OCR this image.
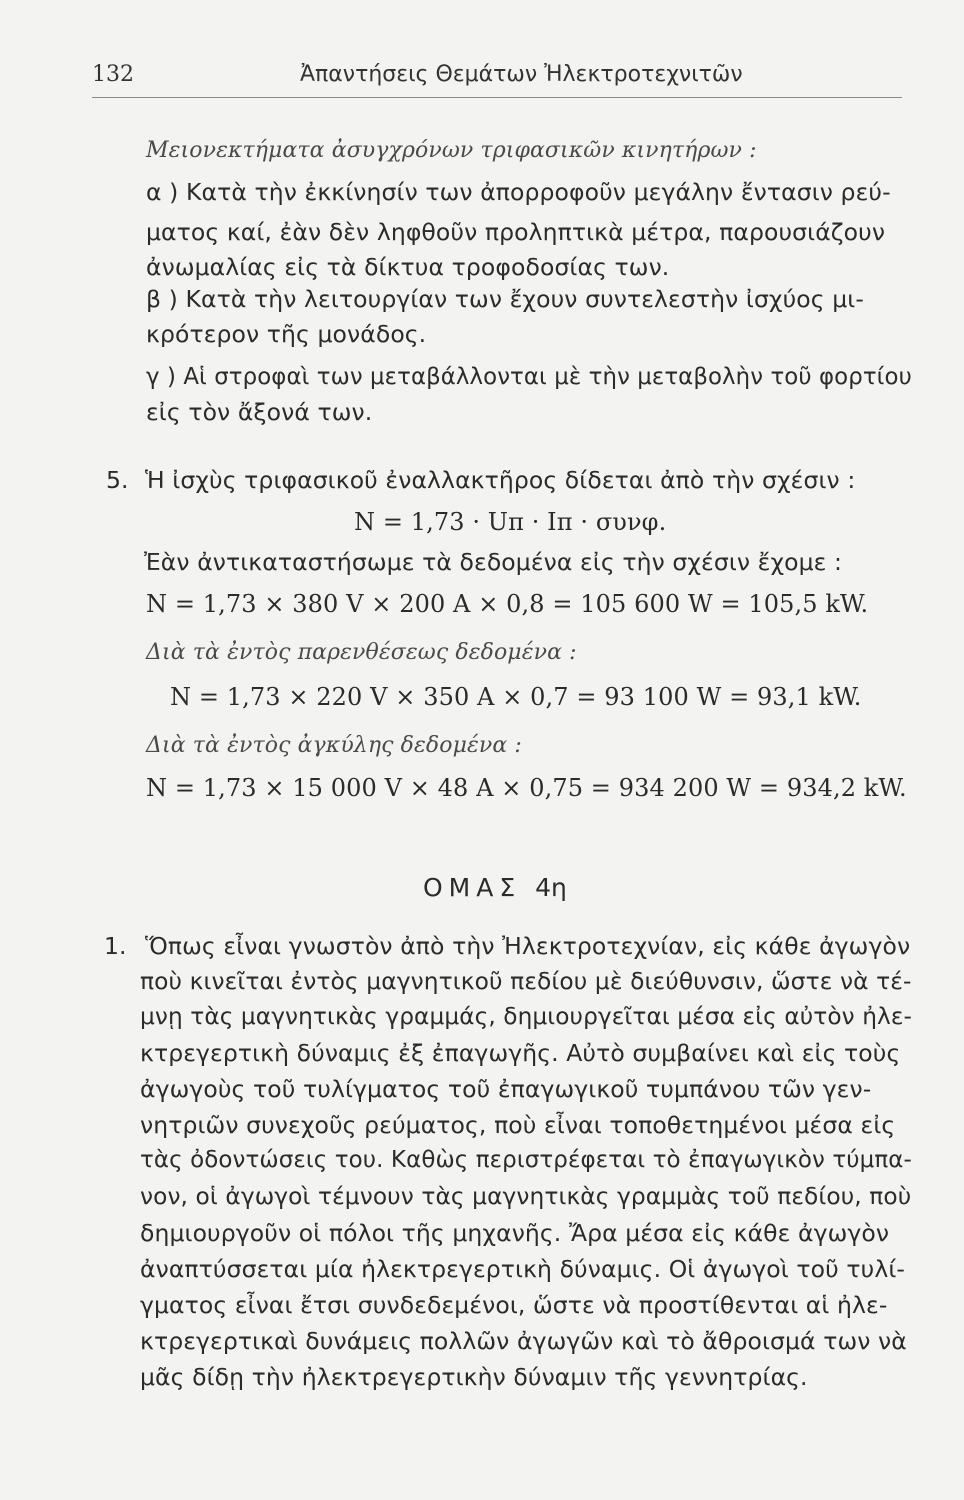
132	Ἀπαντήσεις Θεμάτων Ἠλεκτροτεχνιτῶν
Μειονεκτήματα ἀσυγχρόνων τριφασικῶν κινητήρων :
α ) Κατὰ τὴν ἐκκίνησίν των ἀπορροφοῦν μεγάλην ἔντασιν ρεύ-
ματος καί, ἐὰν δὲν ληφθοῦν προληπτικὰ μέτρα, παρουσιάζουν
ἀνωμαλίας εἰς τὰ δίκτυα τροφοδοσίας των.
β ) Κατὰ τὴν λειτουργίαν των ἔχουν συντελεστὴν ἰσχύος μι-
κρότερον τῆς μονάδος.
γ ) Αἱ στροφαὶ των μεταβάλλονται μὲ τὴν μεταβολὴν τοῦ φορτίου
εἰς τὸν ἄξονά των.
5. Ἡ ἰσχὺς τριφασικοῦ ἐναλλακτῆρος δίδεται ἀπὸ τὴν σχέσιν :
N = 1,73 · Uπ · Iπ · συνφ.
Ἐὰν ἀντικαταστήσωμε τὰ δεδομένα εἰς τὴν σχέσιν ἔχομε :
N = 1,73 × 380 V × 200 A × 0,8 = 105 600 W = 105,5 kW.
Διὰ τὰ ἐντὸς παρενθέσεως δεδομένα :
N = 1,73 × 220 V × 350 A × 0,7 = 93 100 W = 93,1 kW.
Διὰ τὰ ἐντὸς ἀγκύλης δεδομένα :
N = 1,73 × 15 000 V × 48 A × 0,75 = 934 200 W = 934,2 kW.
ΟΜΑΣ 4η
1. Ὅπως εἶναι γνωστὸν ἀπὸ τὴν Ἠλεκτροτεχνίαν, εἰς κάθε ἀγωγὸν
ποὺ κινεῖται ἐντὸς μαγνητικοῦ πεδίου μὲ διεύθυνσιν, ὥστε νὰ τέ-
μνῃ τὰς μαγνητικὰς γραμμάς, δημιουργεῖται μέσα εἰς αὐτὸν ἠλε-
κτρεγερτικὴ δύναμις ἐξ ἐπαγωγῆς. Αὐτὸ συμβαίνει καὶ εἰς τοὺς
ἀγωγοὺς τοῦ τυλίγματος τοῦ ἐπαγωγικοῦ τυμπάνου τῶν γεν-
νητριῶν συνεχοῦς ρεύματος, ποὺ εἶναι τοποθετημένοι μέσα εἰς
τὰς ὀδοντώσεις του. Καθὼς περιστρέφεται τὸ ἐπαγωγικὸν τύμπα-
νον, οἱ ἀγωγοὶ τέμνουν τὰς μαγνητικὰς γραμμὰς τοῦ πεδίου, ποὺ
δημιουργοῦν οἱ πόλοι τῆς μηχανῆς. Ἄρα μέσα εἰς κάθε ἀγωγὸν
ἀναπτύσσεται μία ἠλεκτρεγερτικὴ δύναμις. Οἱ ἀγωγοὶ τοῦ τυλί-
γματος εἶναι ἔτσι συνδεδεμένοι, ὥστε νὰ προστίθενται αἱ ἠλε-
κτρεγερτικαὶ δυνάμεις πολλῶν ἀγωγῶν καὶ τὸ ἄθροισμά των νὰ
μᾶς δίδῃ τὴν ἠλεκτρεγερτικὴν δύναμιν τῆς γεννητρίας.
